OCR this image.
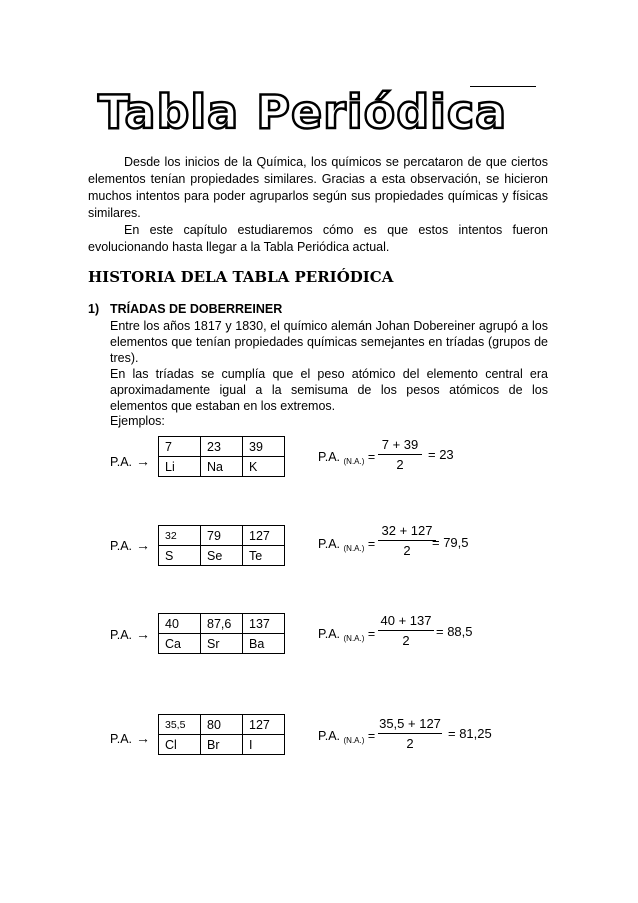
Tabla Periódica

Desde los inicios de la Química, los químicos se percataron de que ciertos elementos tenían propiedades similares. Gracias a esta observación, se hicieron muchos intentos para poder agruparlos según sus propiedades químicas y físicas similares.

En este capítulo estudiaremos cómo es que estos intentos fueron evolucionando hasta llegar a la Tabla Periódica actual.

HISTORIA DELA TABLA PERIÓDICA

1) TRÍADAS DE DOBERREINER

Entre los años 1817 y 1830, el químico alemán Johan Dobereiner agrupó a los elementos que tenían propiedades químicas semejantes en tríadas (grupos de tres).

En las tríadas se cumplía que el peso atómico del elemento central era aproximadamente igual a la semisuma de los pesos atómicos de los elementos que estaban en los extremos.

Ejemplos:

P.A. →
7	23	39
Li	Na	K
P.A. $_{(N.A.)}$ =
7 + 39
2
= 23
P.A. →
32	79	127
S	Se	Te
P.A. $_{(N.A.)}$ =
32 + 127
2
= 79,5
P.A. →
40	87,6	137
Ca	Sr	Ba
P.A. $_{(N.A.)}$ =
40 + 137
2
= 88,5
P.A. →
35,5	80	127
Cl	Br	I
P.A. $_{(N.A.)}$ =
35,5 + 127
2
= 81,25
